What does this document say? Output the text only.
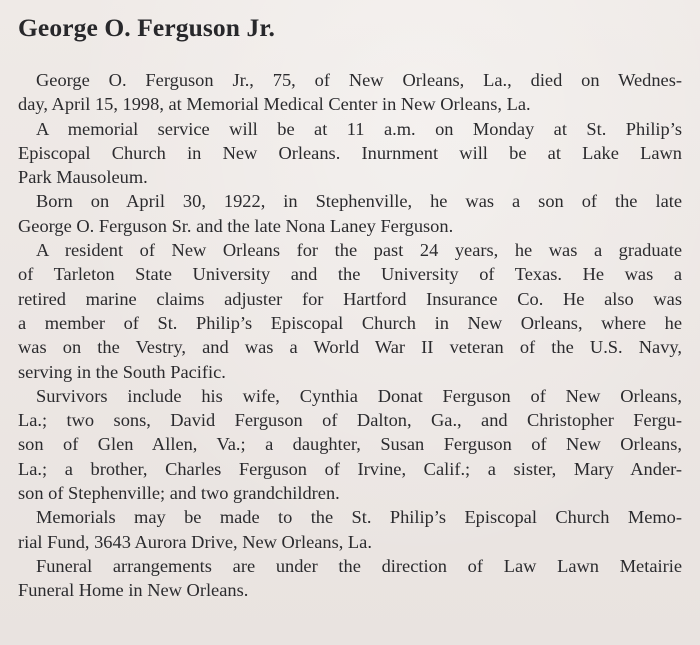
George O. Ferguson Jr.
George O. Ferguson Jr., 75, of New Orleans, La., died on Wednes-
day, April 15, 1998, at Memorial Medical Center in New Orleans, La.
A memorial service will be at 11 a.m. on Monday at St. Philip’s
Episcopal Church in New Orleans. Inurnment will be at Lake Lawn
Park Mausoleum.
Born on April 30, 1922, in Stephenville, he was a son of the late
George O. Ferguson Sr. and the late Nona Laney Ferguson.
A resident of New Orleans for the past 24 years, he was a graduate
of Tarleton State University and the University of Texas. He was a
retired marine claims adjuster for Hartford Insurance Co. He also was
a member of St. Philip’s Episcopal Church in New Orleans, where he
was on the Vestry, and was a World War II veteran of the U.S. Navy,
serving in the South Pacific.
Survivors include his wife, Cynthia Donat Ferguson of New Orleans,
La.; two sons, David Ferguson of Dalton, Ga., and Christopher Fergu-
son of Glen Allen, Va.; a daughter, Susan Ferguson of New Orleans,
La.; a brother, Charles Ferguson of Irvine, Calif.; a sister, Mary Ander-
son of Stephenville; and two grandchildren.
Memorials may be made to the St. Philip’s Episcopal Church Memo-
rial Fund, 3643 Aurora Drive, New Orleans, La.
Funeral arrangements are under the direction of Law Lawn Metairie
Funeral Home in New Orleans.
